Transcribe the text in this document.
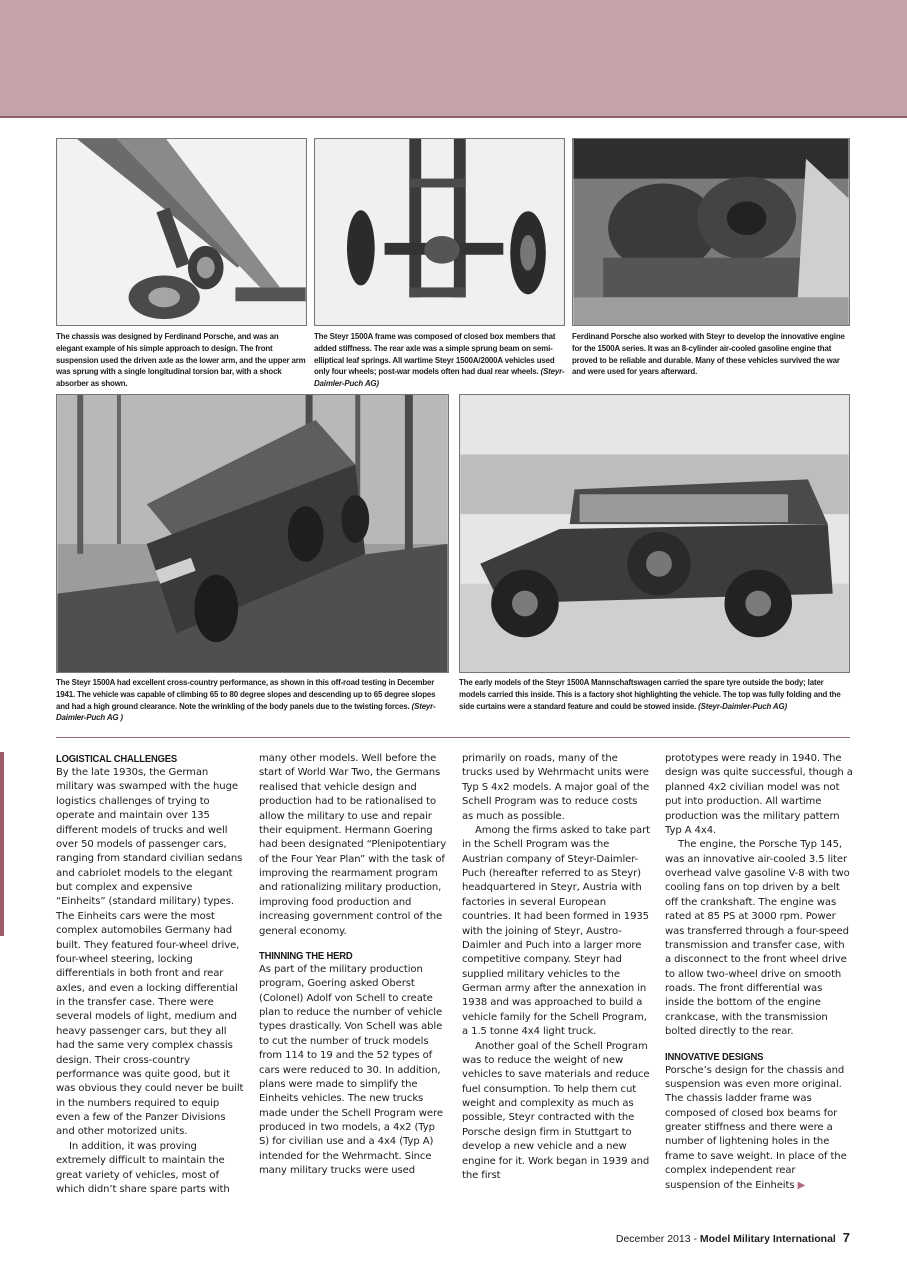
The chassis was designed by Ferdinand Porsche, and was an elegant example of his simple approach to design. The front suspension used the driven axle as the lower arm, and the upper arm was sprung with a single longitudinal torsion bar, with a shock absorber as shown.
The Steyr 1500A frame was composed of closed box members that added stiffness. The rear axle was a simple sprung beam on semi-elliptical leaf springs. All wartime Steyr 1500A/2000A vehicles used only four wheels; post-war models often had dual rear wheels. (Steyr-Daimler-Puch AG)
Ferdinand Porsche also worked with Steyr to develop the innovative engine for the 1500A series. It was an 8-cylinder air-cooled gasoline engine that proved to be reliable and durable. Many of these vehicles survived the war and were used for years afterward.
The Steyr 1500A had excellent cross-country performance, as shown in this off-road testing in December 1941. The vehicle was capable of climbing 65 to 80 degree slopes and descending up to 65 degree slopes and had a high ground clearance. Note the wrinkling of the body panels due to the twisting forces. (Steyr-Daimler-Puch AG )
The early models of the Steyr 1500A Mannschaftswagen carried the spare tyre outside the body; later models carried this inside. This is a factory shot highlighting the vehicle. The top was fully folding and the side curtains were a standard feature and could be stowed inside. (Steyr-Daimler-Puch AG)
LOGISTICAL CHALLENGES

By the late 1930s, the German military was swamped with the huge logistics challenges of trying to operate and maintain over 135 different models of trucks and well over 50 models of passenger cars, ranging from standard civilian sedans and cabriolet models to the elegant but complex and expensive “Einheits” (standard military) types. The Einheits cars were the most complex automobiles Germany had built. They featured four-wheel drive, four-wheel steering, locking differentials in both front and rear axles, and even a locking differential in the transfer case. There were several models of light, medium and heavy passenger cars, but they all had the same very complex chassis design. Their cross-country performance was quite good, but it was obvious they could never be built in the numbers required to equip even a few of the Panzer Divisions and other motorized units.

In addition, it was proving extremely difficult to maintain the great variety of vehicles, most of which didn’t share spare parts with

many other models. Well before the start of World War Two, the Germans realised that vehicle design and production had to be rationalised to allow the military to use and repair their equipment. Hermann Goering had been designated “Plenipotentiary of the Four Year Plan” with the task of improving the rearmament program and rationalizing military production, improving food production and increasing government control of the general economy.

THINNING THE HERD

As part of the military production program, Goering asked Oberst (Colonel) Adolf von Schell to create plan to reduce the number of vehicle types drastically. Von Schell was able to cut the number of truck models from 114 to 19 and the 52 types of cars were reduced to 30. In addition, plans were made to simplify the Einheits vehicles. The new trucks made under the Schell Program were produced in two models, a 4x2 (Typ S) for civilian use and a 4x4 (Typ A) intended for the Wehrmacht. Since many military trucks were used

primarily on roads, many of the trucks used by Wehrmacht units were Typ S 4x2 models. A major goal of the Schell Program was to reduce costs as much as possible.

Among the firms asked to take part in the Schell Program was the Austrian company of Steyr-Daimler-Puch (hereafter referred to as Steyr) headquartered in Steyr, Austria with factories in several European countries. It had been formed in 1935 with the joining of Steyr, Austro-Daimler and Puch into a larger more competitive company. Steyr had supplied military vehicles to the German army after the annexation in 1938 and was approached to build a vehicle family for the Schell Program, a 1.5 tonne 4x4 light truck.

Another goal of the Schell Program was to reduce the weight of new vehicles to save materials and reduce fuel consumption. To help them cut weight and complexity as much as possible, Steyr contracted with the Porsche design firm in Stuttgart to develop a new vehicle and a new engine for it. Work began in 1939 and the first

prototypes were ready in 1940. The design was quite successful, though a planned 4x2 civilian model was not put into production. All wartime production was the military pattern Typ A 4x4.

The engine, the Porsche Typ 145, was an innovative air-cooled 3.5 liter overhead valve gasoline V-8 with two cooling fans on top driven by a belt off the crankshaft. The engine was rated at 85 PS at 3000 rpm. Power was transferred through a four-speed transmission and transfer case, with a disconnect to the front wheel drive to allow two-wheel drive on smooth roads. The front differential was inside the bottom of the engine crankcase, with the transmission bolted directly to the rear.

INNOVATIVE DESIGNS

Porsche’s design for the chassis and suspension was even more original. The chassis ladder frame was composed of closed box beams for greater stiffness and there were a number of lightening holes in the frame to save weight. In place of the complex independent rear suspension of the Einheits ▶

December 2013 - Model Military International 7
